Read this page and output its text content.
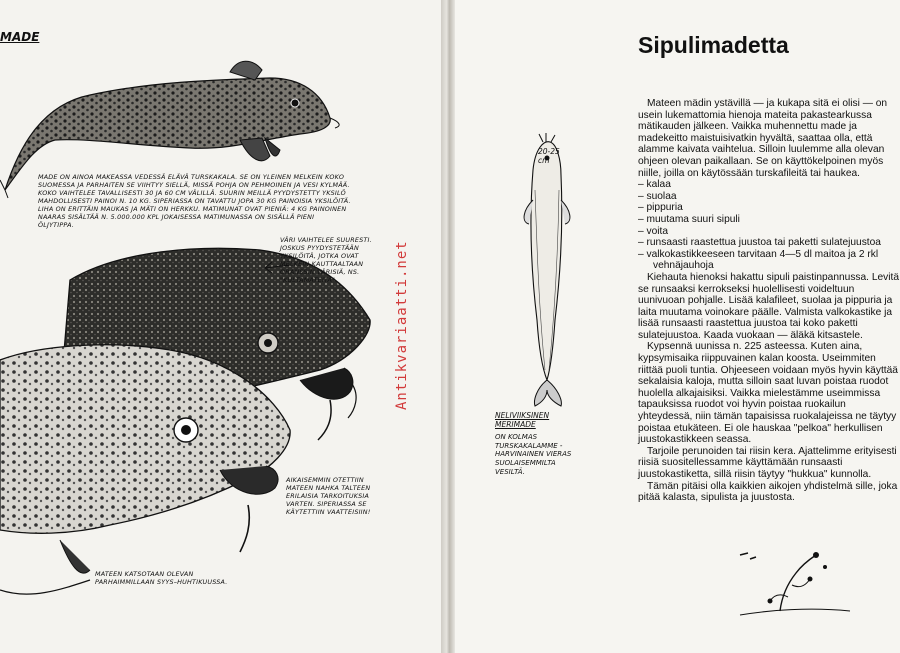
MADE
MADE ON AINOA MAKEASSA VEDESSÄ ELÄVÄ TURSKAKALA. SE ON YLEINEN MELKEIN KOKO SUOMESSA JA PARHAITEN SE VIIHTYY SIELLÄ, MISSÄ POHJA ON PEHMOINEN JA VESI KYLMÄÄ. KOKO VAIHTELEE TAVALLISESTI 30 JA 60 CM VÄLILLÄ. SUURIN MEILLÄ PYYDYSTETTY YKSILÖ MAHDOLLISESTI PAINOI N. 10 KG. SIPERIASSA ON TAVATTU JOPA 30 KG PAINOISIA YKSILÖITÄ.
LIHA ON ERITTÄIN MAUKAS JA MÄTI ON HERKKU. MATIMUNAT OVAT PIENIÄ: 4 KG PAINOINEN NAARAS SISÄLTÄÄ N. 5.000.000 KPL JOKAISESSA MATIMUNASSA ON SISÄLLÄ PIENI ÖLJYTIPPA.
VÄRI VAIHTELEE SUURESTI. JOSKUS PYYDYSTETÄÄN YKSILÖITÄ, JOTKA OVAT MELKEIN KAUTTAALTAAN ORANSSIN VÄRISIÄ, NS. "KULTAMATEITA".
AIKAISEMMIN OTETTIIN MATEEN NAHKA TALTEEN ERILAISIA TARKOITUKSIA VARTEN. SIPERIASSA SE KÄYTETTIIN VAATTEISIIN!
MATEEN KATSOTAAN OLEVAN PARHAIMMILLAAN SYYS–HUHTIKUUSSA.
Antikvariaatti.net
Sipulimadetta
20-25
cm
NELIVIIKSINEN MERIMADE
ON KOLMAS TURSKAKALAMME - HARVINAINEN VIERAS SUOLAISEMMILTA VESILTÄ.

Mateen mädin ystävillä — ja kukapa sitä ei olisi — on usein lukemattomia hienoja mateita pakastearkussa mätikauden jälkeen. Vaikka muhennettu made ja madekeitto maistuisivatkin hyvältä, saattaa olla, että alamme kaivata vaihtelua. Silloin luulemme alla olevan ohjeen olevan paikallaan. Se on käyttökelpoinen myös niille, joilla on käytössään turskafileitä tai haukea.

– kalaa
– suolaa
– pippuria
– muutama suuri sipuli
– voita
– runsaasti raastettua juustoa tai paketti sulatejuustoa
– valkokastikkeeseen tarvitaan 4—5 dl maitoa ja 2 rkl vehnäjauhoja

Kiehauta hienoksi hakattu sipuli paistinpannussa. Levitä se runsaaksi kerrokseksi huolellisesti voideltuun uunivuoan pohjalle. Lisää kalafileet, suolaa ja pippuria ja laita muutama voinokare päälle. Valmista valkokastike ja lisää runsaasti raastettua juustoa tai koko paketti sulatejuustoa. Kaada vuokaan — äläkä kitsastele.

Kypsennä uunissa n. 225 asteessa. Kuten aina, kypsymisaika riippuvainen kalan koosta. Useimmiten riittää puoli tuntia. Ohjeeseen voidaan myös hyvin käyttää sekalaisia kaloja, mutta silloin saat luvan poistaa ruodot huolella alkajaisiksi. Vaikka mielestämme useimmissa tapauksissa ruodot voi hyvin poistaa ruokailun yhteydessä, niin tämän tapaisissa ruokalajeissa ne täytyy poistaa etukäteen. Ei ole hauskaa "pelkoa" herkullisen juustokastikkeen seassa.

Tarjoile perunoiden tai riisin kera. Ajattelimme erityisesti riisiä suositellessamme käyttämään runsaasti juustokastiketta, sillä riisin täytyy "hukkua" kunnolla.

Tämän pitäisi olla kaikkien aikojen yhdistelmä sille, joka pitää kalasta, sipulista ja juustosta.
